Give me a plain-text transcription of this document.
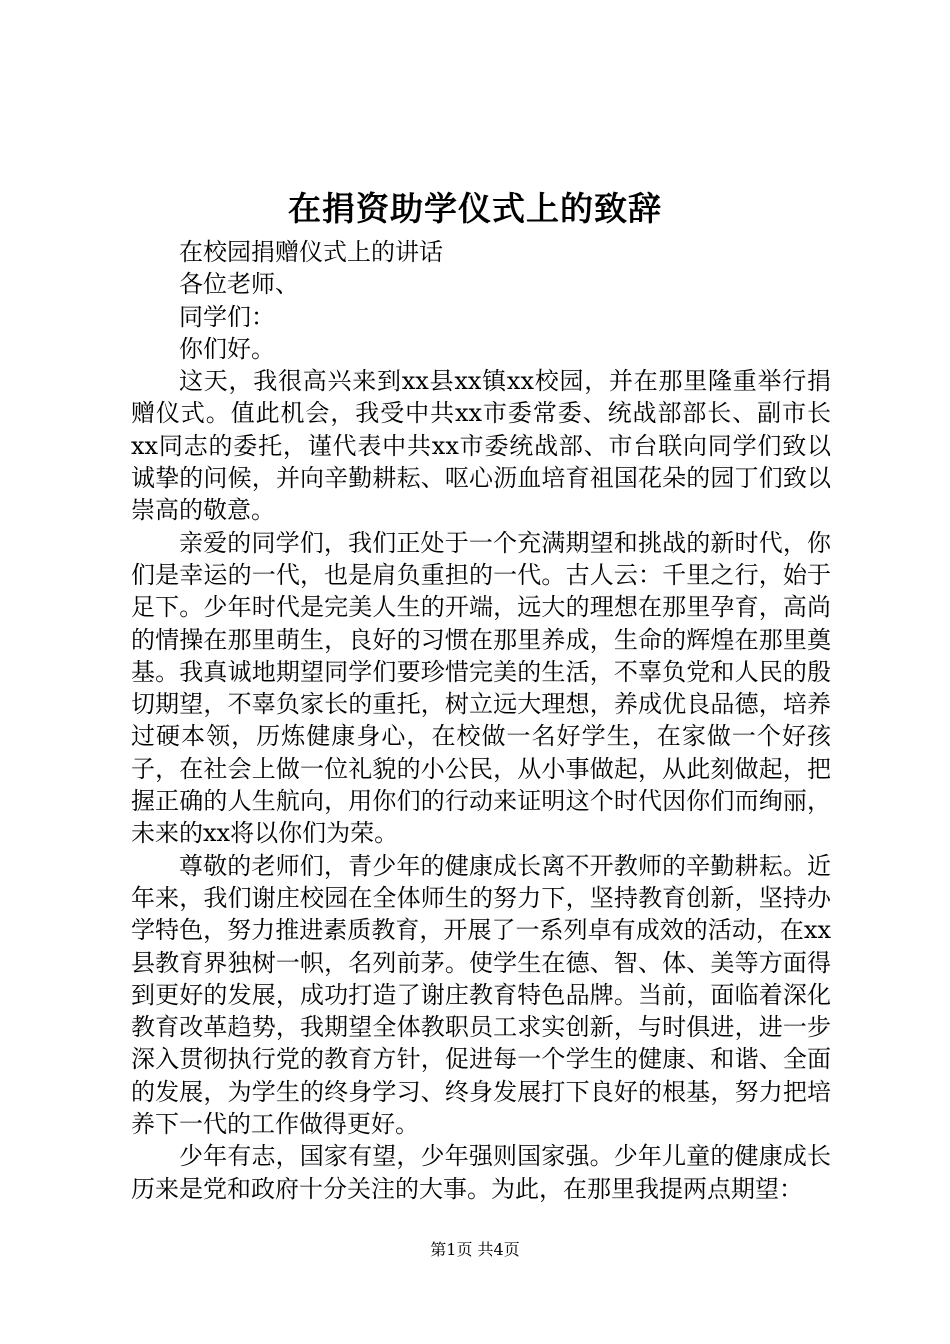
在捐资助学仪式上的致辞

在校园捐赠仪式上的讲话

各位老师、

同学们：

你们好。

这天，我很高兴来到xx县xx镇xx校园，并在那里隆重举行捐赠仪式。值此机会，我受中共xx市委常委、统战部部长、副市长xx同志的委托，谨代表中共xx市委统战部、市台联向同学们致以诚挚的问候，并向辛勤耕耘、呕心沥血培育祖国花朵的园丁们致以崇高的敬意。

亲爱的同学们，我们正处于一个充满期望和挑战的新时代，你们是幸运的一代，也是肩负重担的一代。古人云：千里之行，始于足下。少年时代是完美人生的开端，远大的理想在那里孕育，高尚的情操在那里萌生，良好的习惯在那里养成，生命的辉煌在那里奠基。我真诚地期望同学们要珍惜完美的生活，不辜负党和人民的殷切期望，不辜负家长的重托，树立远大理想，养成优良品德，培养过硬本领，历炼健康身心，在校做一名好学生，在家做一个好孩子，在社会上做一位礼貌的小公民，从小事做起，从此刻做起，把握正确的人生航向，用你们的行动来证明这个时代因你们而绚丽，未来的xx将以你们为荣。

尊敬的老师们，青少年的健康成长离不开教师的辛勤耕耘。近年来，我们谢庄校园在全体师生的努力下，坚持教育创新，坚持办学特色，努力推进素质教育，开展了一系列卓有成效的活动，在xx县教育界独树一帜，名列前茅。使学生在德、智、体、美等方面得到更好的发展，成功打造了谢庄教育特色品牌。当前，面临着深化教育改革趋势，我期望全体教职员工求实创新，与时俱进，进一步深入贯彻执行党的教育方针，促进每一个学生的健康、和谐、全面的发展，为学生的终身学习、终身发展打下良好的根基，努力把培养下一代的工作做得更好。

少年有志，国家有望，少年强则国家强。少年儿童的健康成长历来是党和政府十分关注的大事。为此，在那里我提两点期望：

第1页 共4页
